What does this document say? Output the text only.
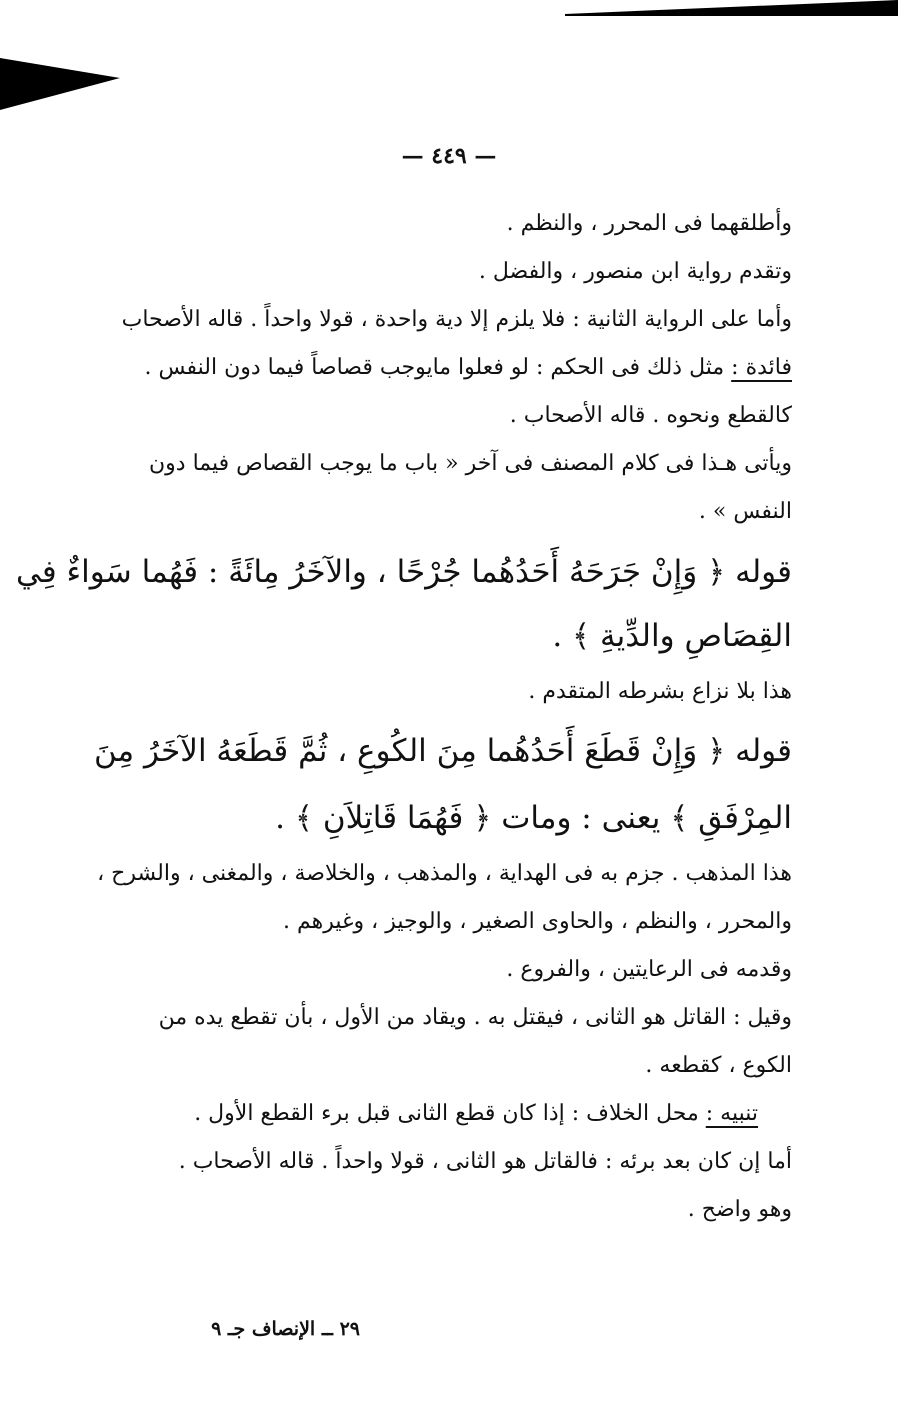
— ٤٤٩ —
وأطلقهما فى المحرر ، والنظم .
وتقدم رواية ابن منصور ، والفضل .
وأما على الرواية الثانية : فلا يلزم إلا دية واحدة ، قولا واحداً . قاله الأصحاب
فائدة : مثل ذلك فى الحكم : لو فعلوا مايوجب قصاصاً فيما دون النفس .
كالقطع ونحوه . قاله الأصحاب .
ويأتى هـذا فى كلام المصنف فى آخر « باب ما يوجب القصاص فيما دون
النفس » .
قوله ﴿ وَإِنْ جَرَحَهُ أَحَدُهُما جُرْحًا ، والآخَرُ مِائَةً : فَهُما سَواءٌ فِي
القِصَاصِ والدِّيةِ ﴾ .
هذا بلا نزاع بشرطه المتقدم .
قوله ﴿ وَإِنْ قَطَعَ أَحَدُهُما مِنَ الكُوعِ ، ثُمَّ قَطَعَهُ الآخَرُ مِنَ
المِرْفَقِ ﴾ يعنى : ومات ﴿ فَهُمَا قَاتِلاَنِ ﴾ .
هذا المذهب . جزم به فى الهداية ، والمذهب ، والخلاصة ، والمغنى ، والشرح ،
والمحرر ، والنظم ، والحاوى الصغير ، والوجيز ، وغيرهم .
وقدمه فى الرعايتين ، والفروع .
وقيل : القاتل هو الثانى ، فيقتل به . ويقاد من الأول ، بأن تقطع يده من
الكوع ، كقطعه .
تنبيه : محل الخلاف : إذا كان قطع الثانى قبل برء القطع الأول .
أما إن كان بعد برئه : فالقاتل هو الثانى ، قولا واحداً . قاله الأصحاب .
وهو واضح .
٢٩ ــ الإنصاف جـ ٩
